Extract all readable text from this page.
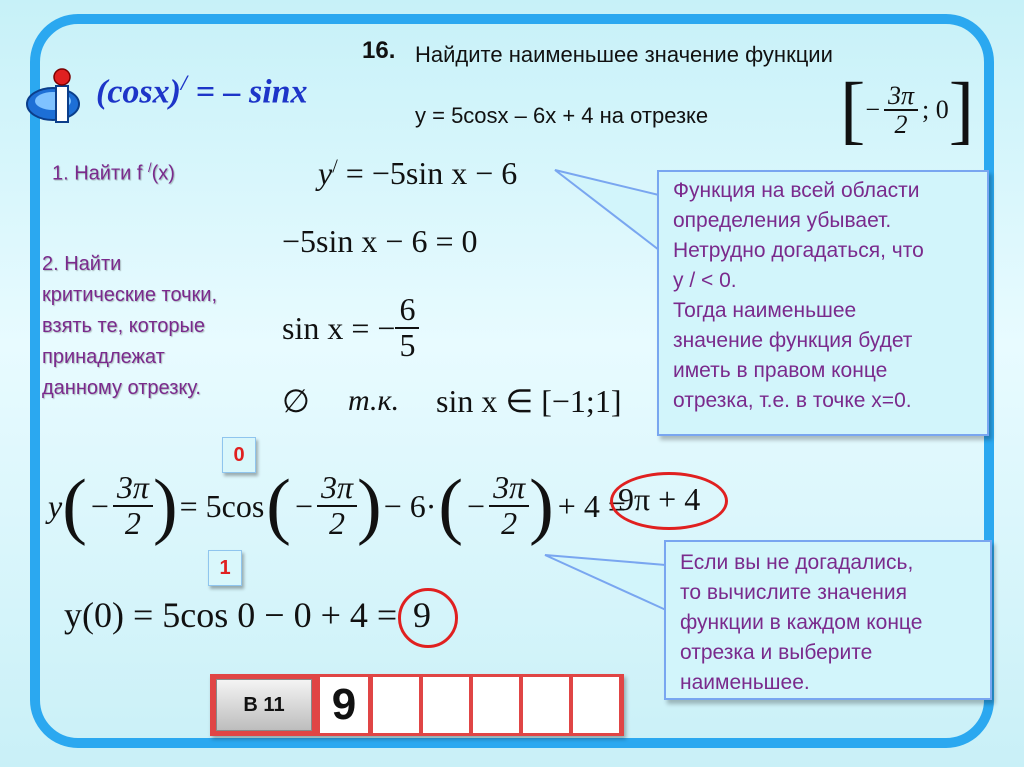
(cosx)/ = – sinx
16. Найдите наименьшее значение функции
y = 5cosx – 6x + 4 на отрезке [ − $\frac{3\pi}{2}$ ; 0 ]
1. Найти f /(x)
2. Найти
критические точки,
взять те, которые
принадлежат
данному отрезку.
y/ = −5sin x − 6
−5sin x − 6 = 0
sin x = − $\frac{6}{5}$
∅ т.к. sin x ∈ [−1;1]
Функция на всей области
определения убывает.
Нетрудно догадаться, что
y / < 0.
Тогда наименьшее
значение функция будет
иметь в правом конце
отрезка, т.е. в точке х=0.
0
y ( − $\frac{3\pi}{2}$ ) = 5cos ( − $\frac{3\pi}{2}$ ) − 6· ( − $\frac{3\pi}{2}$ ) + 4 =
9π + 4
1
y(0) = 5cos 0 − 0 + 4 = 9
Если вы не догадались,
то вычислите значения
функции в каждом конце
отрезка и выберите
наименьшее.
В 11	9
